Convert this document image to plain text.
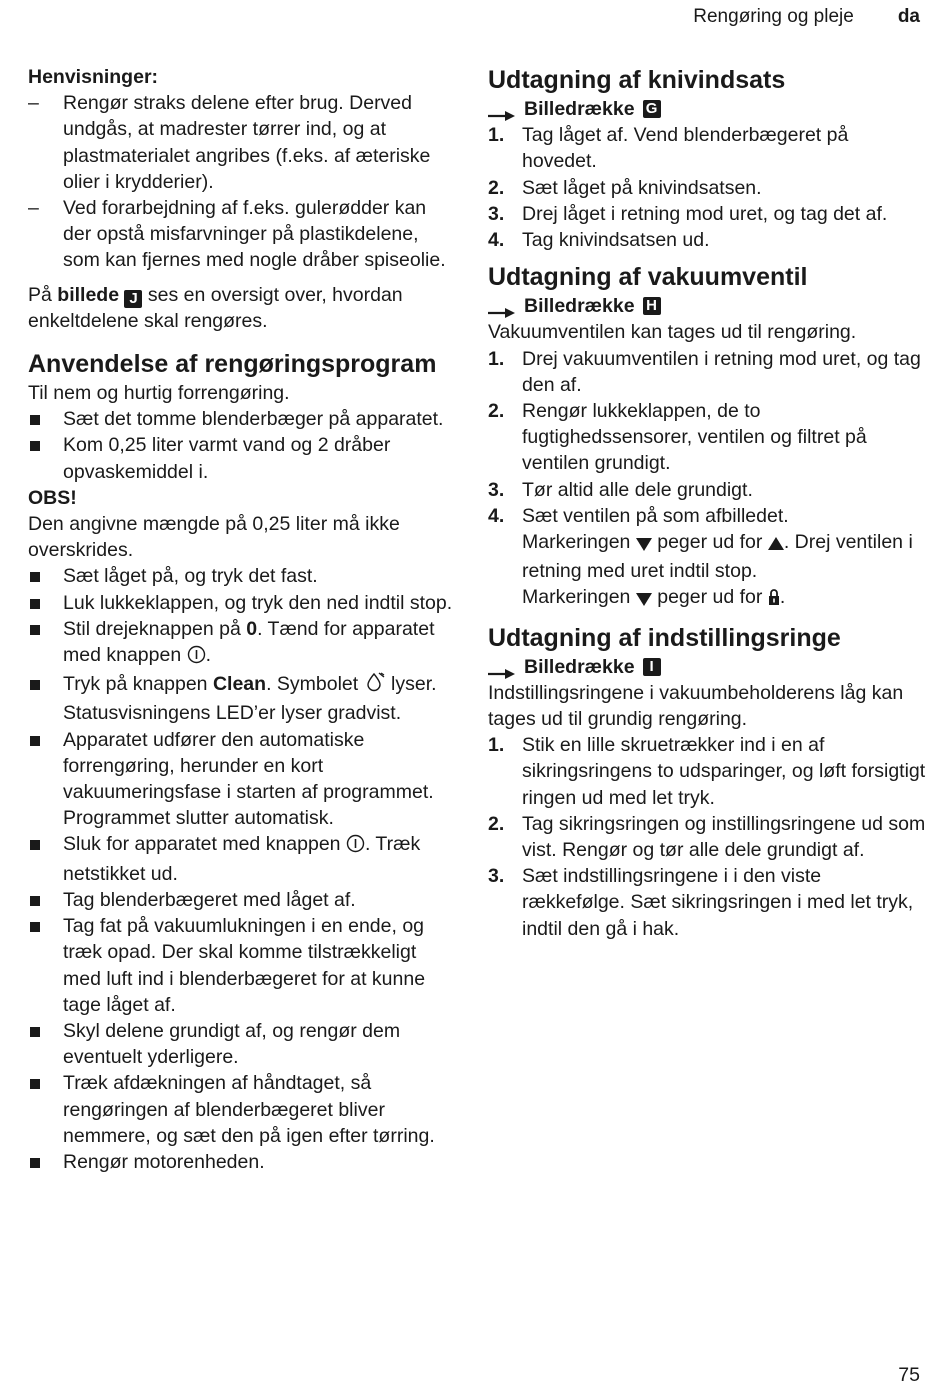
Rengøring og pleje da

Henvisninger:

– Rengør straks delene efter brug. Derved undgås, at madrester tørrer ind, og at plastmaterialet angribes (f.eks. af æteriske olier i krydderier).
– Ved forarbejdning af f.eks. gulerødder kan der opstå misfarvninger på plastikdelene, som kan fjernes med nogle dråber spiseolie.

På billede J ses en oversigt over, hvordan enkeltdelene skal rengøres.

Anvendelse af rengøringsprogram

Til nem og hurtig forrengøring.

Sæt det tomme blenderbæger på apparatet.
Kom 0,25 liter varmt vand og 2 dråber opvaskemiddel i.

OBS!

Den angivne mængde på 0,25 liter må ikke overskrides.

Sæt låget på, og tryk det fast.
Luk lukkeklappen, og tryk den ned indtil stop.
Stil drejeknappen på 0. Tænd for apparatet med knappen .
Tryk på knappen Clean. Symbolet  lyser. Statusvisningens LED’er lyser gradvist.
Apparatet udfører den automatiske forrengøring, herunder en kort vakuumeringsfase i starten af programmet. Programmet slutter automatisk.
Sluk for apparatet med knappen . Træk netstikket ud.
Tag blenderbægeret med låget af.
Tag fat på vakuumlukningen i en ende, og træk opad. Der skal komme tilstrækkeligt med luft ind i blenderbægeret for at kunne tage låget af.
Skyl delene grundigt af, og rengør dem eventuelt yderligere.
Træk afdækningen af håndtaget, så rengøringen af blenderbægeret bliver nemmere, og sæt den på igen efter tørring.
Rengør motorenheden.
Udtagning af knivindsats
Billedrække G
1. Tag låget af. Vend blenderbægeret på hovedet.
2. Sæt låget på knivindsatsen.
3. Drej låget i retning mod uret, og tag det af.
4. Tag knivindsatsen ud.
Udtagning af vakuumventil
Billedrække H

Vakuumventilen kan tages ud til rengøring.

1. Drej vakuumventilen i retning mod uret, og tag den af.
2. Rengør lukkeklappen, de to fugtighedssensorer, ventilen og filtret på ventilen grundigt.
3. Tør altid alle dele grundigt.
4. Sæt ventilen på som afbilledet.
Markeringen  peger ud for . Drej ventilen i retning med uret indtil stop.
Markeringen  peger ud for .
Udtagning af indstillingsringe
Billedrække I

Indstillingsringene i vakuumbeholderens låg kan tages ud til grundig rengøring.

1. Stik en lille skruetrækker ind i en af sikringsringens to udsparinger, og løft forsigtigt ringen ud med let tryk.
2. Tag sikringsringen og instillingsringene ud som vist. Rengør og tør alle dele grundigt af.
3. Sæt indstillingsringene i i den viste rækkefølge. Sæt sikringsringen i med let tryk, indtil den gå i hak.
75
